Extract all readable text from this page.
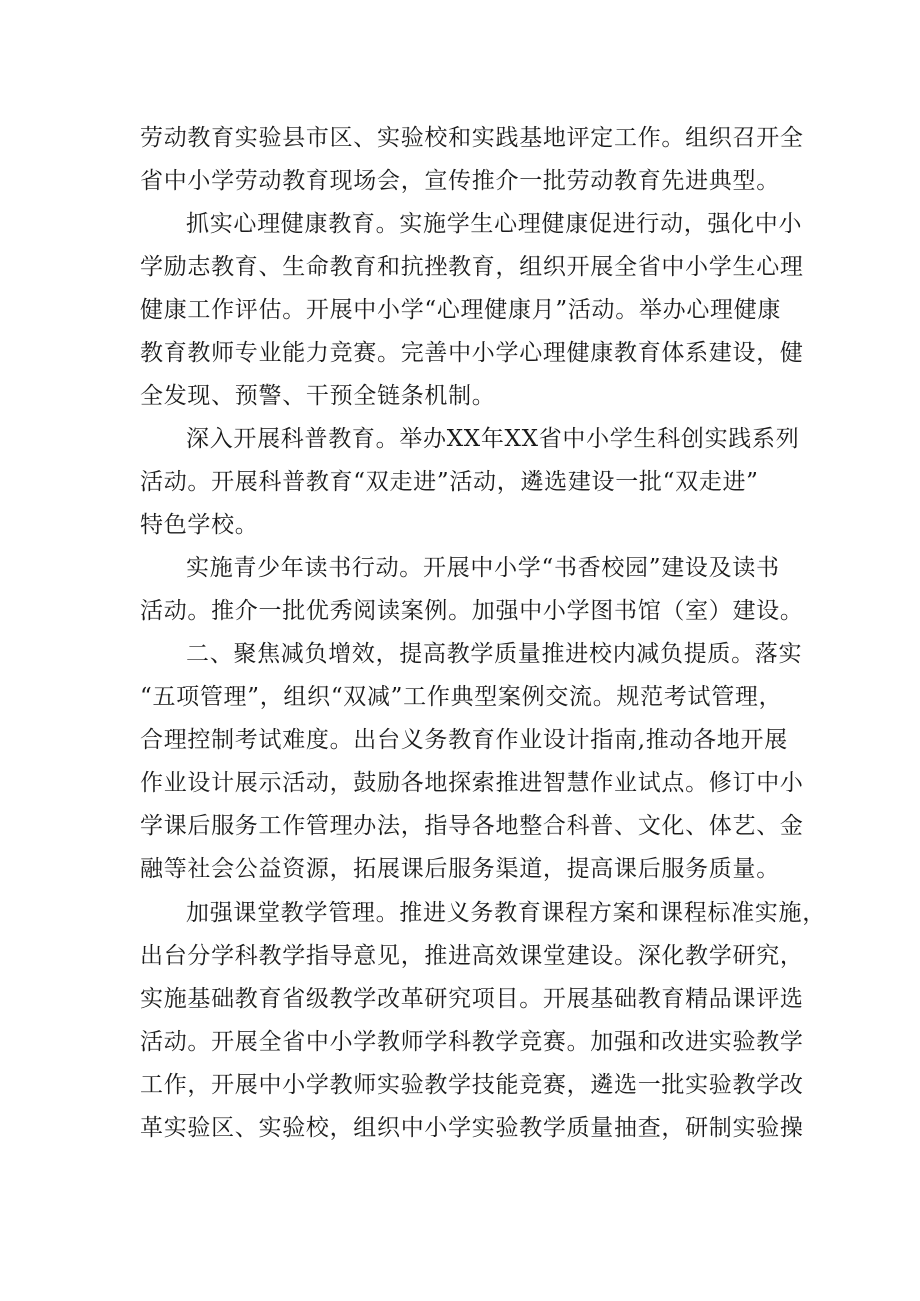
劳动教育实验县市区、实验校和实践基地评定工作。组织召开全
省中小学劳动教育现场会，宣传推介一批劳动教育先进典型。
抓实心理健康教育。实施学生心理健康促进行动，强化中小
学励志教育、生命教育和抗挫教育，组织开展全省中小学生心理
健康工作评估。开展中小学“心理健康月”活动。举办心理健康
教育教师专业能力竞赛。完善中小学心理健康教育体系建设，健
全发现、预警、干预全链条机制。
深入开展科普教育。举办XX年XX省中小学生科创实践系列
活动。开展科普教育“双走进”活动，遴选建设一批“双走进”
特色学校。
实施青少年读书行动。开展中小学“书香校园”建设及读书
活动。推介一批优秀阅读案例。加强中小学图书馆（室）建设。
二、聚焦减负增效，提高教学质量推进校内减负提质。落实
“五项管理”，组织“双减”工作典型案例交流。规范考试管理，
合理控制考试难度。出台义务教育作业设计指南,推动各地开展
作业设计展示活动，鼓励各地探索推进智慧作业试点。修订中小
学课后服务工作管理办法，指导各地整合科普、文化、体艺、金
融等社会公益资源，拓展课后服务渠道，提高课后服务质量。
加强课堂教学管理。推进义务教育课程方案和课程标准实施，
出台分学科教学指导意见，推进高效课堂建设。深化教学研究，
实施基础教育省级教学改革研究项目。开展基础教育精品课评选
活动。开展全省中小学教师学科教学竞赛。加强和改进实验教学
工作，开展中小学教师实验教学技能竞赛，遴选一批实验教学改
革实验区、实验校，组织中小学实验教学质量抽查，研制实验操
